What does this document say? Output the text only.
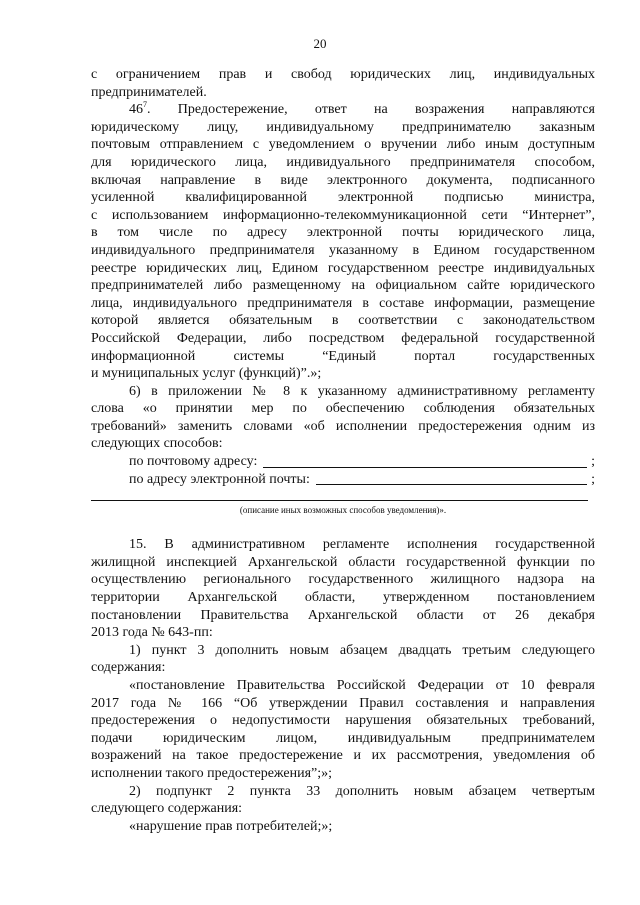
20

с ограничением прав и свобод юридических лиц, индивидуальных

предпринимателей.

$46^7$. Предостережение, ответ на возражения направляются

юридическому лицу, индивидуальному предпринимателю заказным

почтовым отправлением с уведомлением о вручении либо иным доступным

для юридического лица, индивидуального предпринимателя способом,

включая направление в виде электронного документа, подписанного

усиленной квалифицированной электронной подписью министра,

с использованием информационно-телекоммуникационной сети “Интернет”,

в том числе по адресу электронной почты юридического лица,

индивидуального предпринимателя указанному в Едином государственном

реестре юридических лиц, Едином государственном реестре индивидуальных

предпринимателей либо размещенному на официальном сайте юридического

лица, индивидуального предпринимателя в составе информации, размещение

которой является обязательным в соответствии с законодательством

Российской Федерации, либо посредством федеральной государственной

информационной системы “Единый портал государственных

и муниципальных услуг (функций)”.»;

6) в приложении № 8 к указанному административному регламенту

слова «о принятии мер по обеспечению соблюдения обязательных

требований» заменить словами «об исполнении предостережения одним из

следующих способов:

по почтовому адресу:	;
по адресу электронной почты:	;
(описание иных возможных способов уведомления)».

15. В административном регламенте исполнения государственной

жилищной инспекцией Архангельской области государственной функции по

осуществлению регионального государственного жилищного надзора на

территории Архангельской области, утвержденном постановлением

постановлении Правительства Архангельской области от 26 декабря

2013 года № 643-пп:

1) пункт 3 дополнить новым абзацем двадцать третьим следующего

содержания:

«постановление Правительства Российской Федерации от 10 февраля

2017 года № 166 “Об утверждении Правил составления и направления

предостережения о недопустимости нарушения обязательных требований,

подачи юридическим лицом, индивидуальным предпринимателем

возражений на такое предостережение и их рассмотрения, уведомления об

исполнении такого предостережения”;»;

2) подпункт 2 пункта 33 дополнить новым абзацем четвертым

следующего содержания:

«нарушение прав потребителей;»;
